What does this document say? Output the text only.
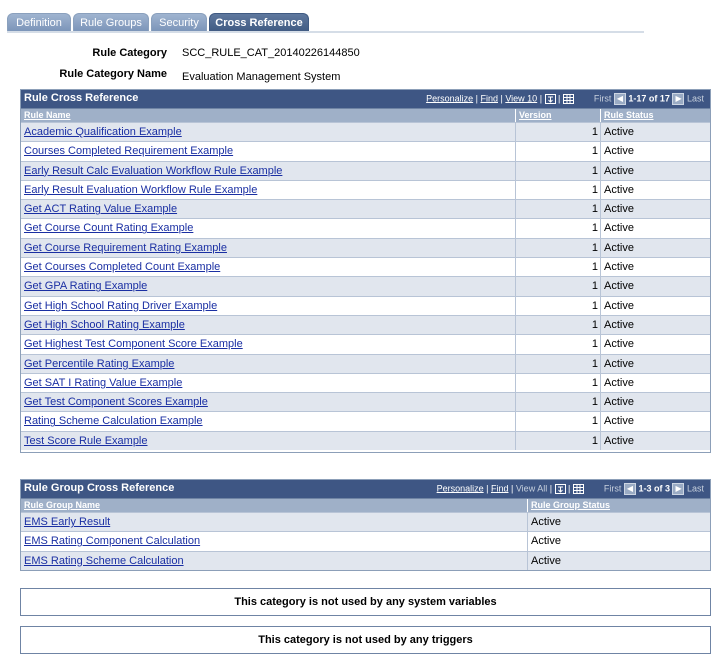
Definition	Rule Groups	Security	Cross Reference
Rule Category SCC_RULE_CAT_20140226144850
Rule Category Name Evaluation Management System
Rule Cross Reference	Personalize | Find | View 10 |  |	First ◀ 1-17 of 17 ▶ Last
Rule Name	Version	Rule Status
Academic Qualification Example	1 Active
Courses Completed Requirement Example	1 Active
Early Result Calc Evaluation Workflow Rule Example	1 Active
Early Result Evaluation Workflow Rule Example	1 Active
Get ACT Rating Value Example	1 Active
Get Course Count Rating Example	1 Active
Get Course Requirement Rating Example	1 Active
Get Courses Completed Count Example	1 Active
Get GPA Rating Example	1 Active
Get High School Rating Driver Example	1 Active
Get High School Rating Example	1 Active
Get Highest Test Component Score Example	1 Active
Get Percentile Rating Example	1 Active
Get SAT I Rating Value Example	1 Active
Get Test Component Scores Example	1 Active
Rating Scheme Calculation Example	1 Active
Test Score Rule Example	1 Active
Rule Group Cross Reference	Personalize | Find | View All |  |	First ◀ 1-3 of 3 ▶ Last
Rule Group Name	Rule Group Status
EMS Early Result	Active
EMS Rating Component Calculation	Active
EMS Rating Scheme Calculation	Active
This category is not used by any system variables
This category is not used by any triggers
